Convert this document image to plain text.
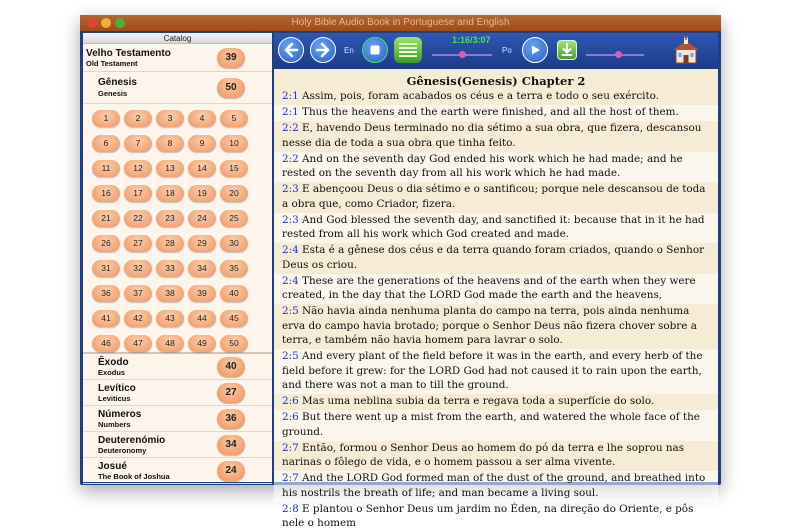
Holy Bible Audio Book in Portuguese and English
Catalog
Velho Testamento
Old Testament
39
Gênesis
Genesis
50
1	2	3	4	5
6	7	8	9	10
11	12	13	14	15
16	17	18	19	20
21	22	23	24	25
26	27	28	29	30
31	32	33	34	35
36	37	38	39	40
41	42	43	44	45
46	47	48	49	50
Êxodo
Exodus
40
Levítico
Leviticus
27
Números
Numbers
36
Deuterenómio
Deuteronomy
34
Josué
The Book of Joshua
24
En
1:16/3:07
Po
Gênesis(Genesis) Chapter 2
2:1 Assim, pois, foram acabados os céus e a terra e todo o seu exército.
2:1 Thus the heavens and the earth were finished, and all the host of them.
2:2 E, havendo Deus terminado no dia sétimo a sua obra, que fizera, descansou nesse dia de toda a sua obra que tinha feito.
2:2 And on the seventh day God ended his work which he had made; and he rested on the seventh day from all his work which he had made.
2:3 E abençoou Deus o dia sétimo e o santificou; porque nele descansou de toda a obra que, como Criador, fizera.
2:3 And God blessed the seventh day, and sanctified it: because that in it he had rested from all his work which God created and made.
2:4 Esta é a gênese dos céus e da terra quando foram criados, quando o Senhor Deus os criou.
2:4 These are the generations of the heavens and of the earth when they were created, in the day that the LORD God made the earth and the heavens,
2:5 Não havia ainda nenhuma planta do campo na terra, pois ainda nenhuma erva do campo havia brotado; porque o Senhor Deus não fizera chover sobre a terra, e também não havia homem para lavrar o solo.
2:5 And every plant of the field before it was in the earth, and every herb of the field before it grew: for the LORD God had not caused it to rain upon the earth, and there was not a man to till the ground.
2:6 Mas uma neblina subia da terra e regava toda a superfície do solo.
2:6 But there went up a mist from the earth, and watered the whole face of the ground.
2:7 Então, formou o Senhor Deus ao homem do pó da terra e lhe soprou nas narinas o fôlego de vida, e o homem passou a ser alma vivente.
2:7 And the LORD God formed man of the dust of the ground, and breathed into his nostrils the breath of life; and man became a living soul.
2:8 E plantou o Senhor Deus um jardim no Éden, na direção do Oriente, e pôs nele o homem
